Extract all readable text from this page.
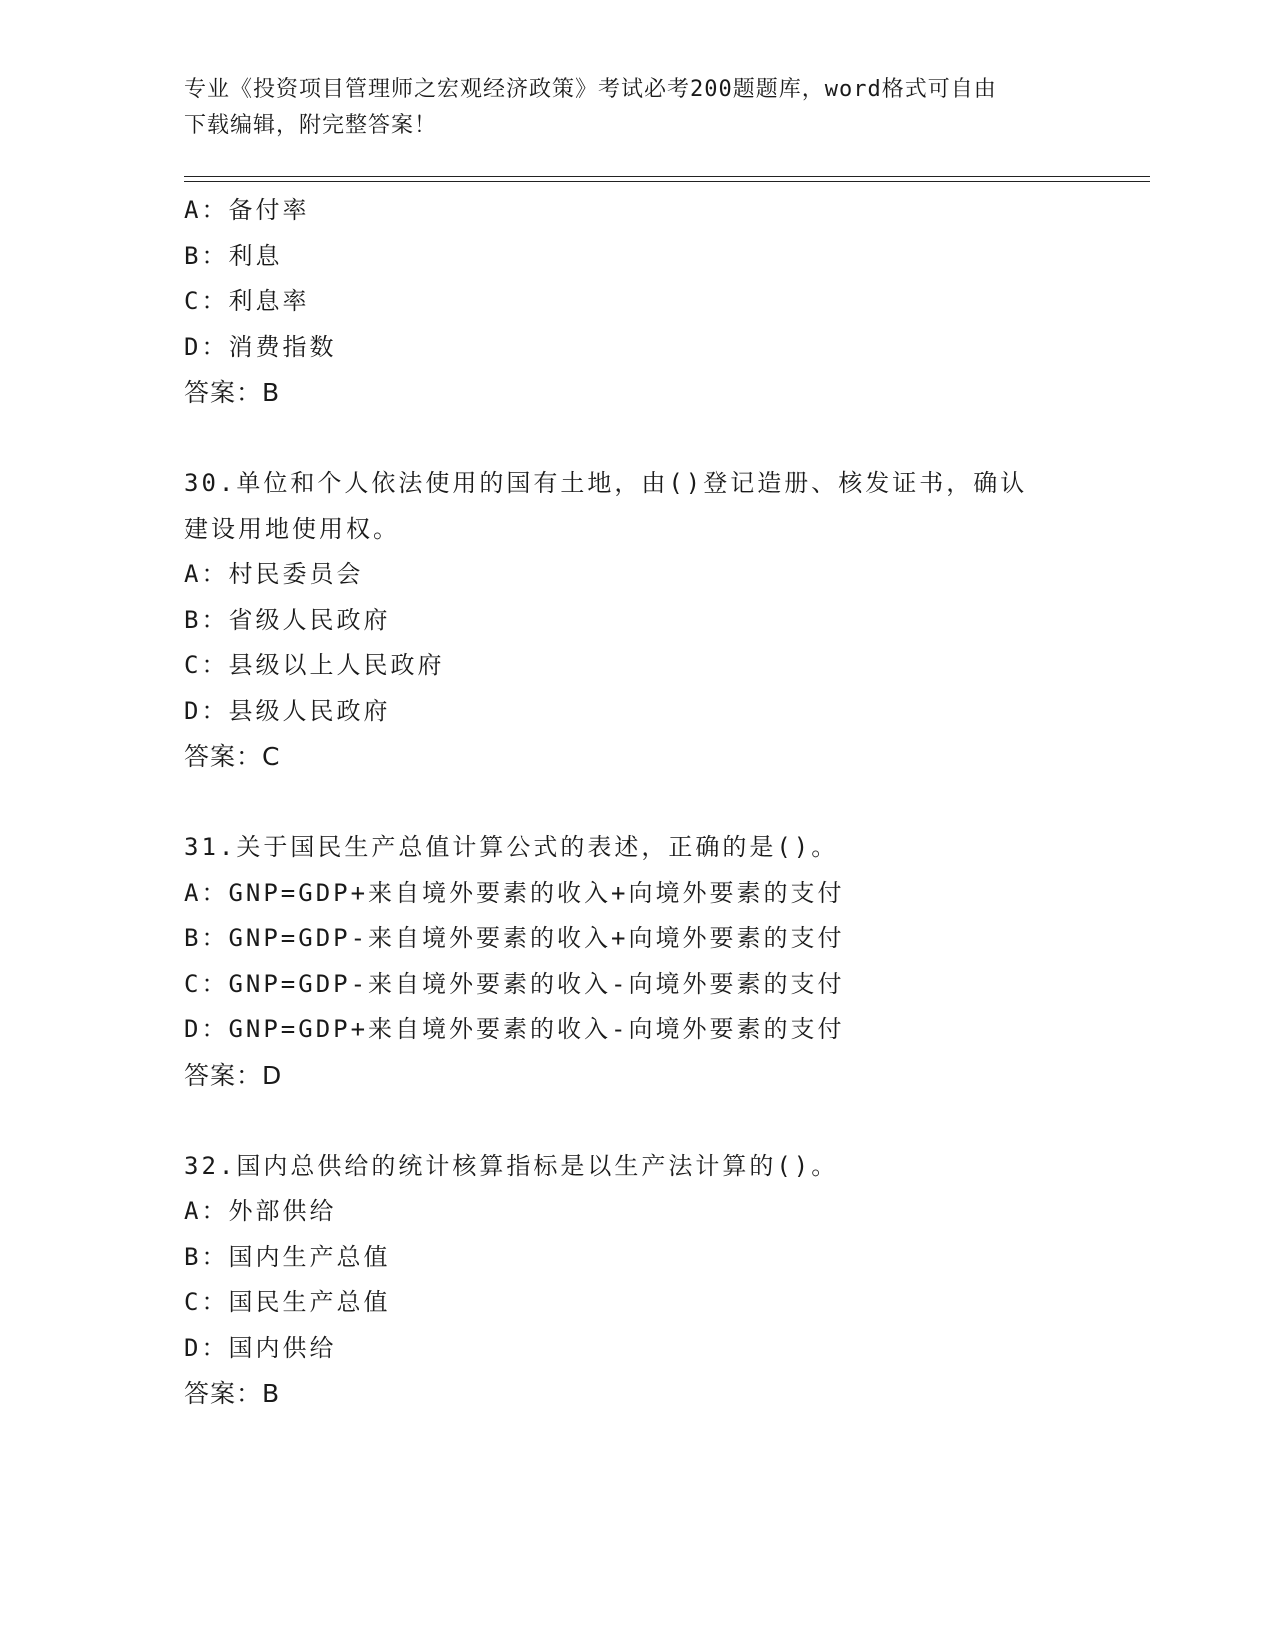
专业《投资项目管理师之宏观经济政策》考试必考200题题库，word格式可自由
下载编辑，附完整答案！
A：备付率
B：利息
C：利息率
D：消费指数
答案：B
30.单位和个人依法使用的国有土地，由()登记造册、核发证书，确认
建设用地使用权。
A：村民委员会
B：省级人民政府
C：县级以上人民政府
D：县级人民政府
答案：C
31.关于国民生产总值计算公式的表述，正确的是()。
A：GNP=GDP+来自境外要素的收入+向境外要素的支付
B：GNP=GDP-来自境外要素的收入+向境外要素的支付
C：GNP=GDP-来自境外要素的收入-向境外要素的支付
D：GNP=GDP+来自境外要素的收入-向境外要素的支付
答案：D
32.国内总供给的统计核算指标是以生产法计算的()。
A：外部供给
B：国内生产总值
C：国民生产总值
D：国内供给
答案：B
